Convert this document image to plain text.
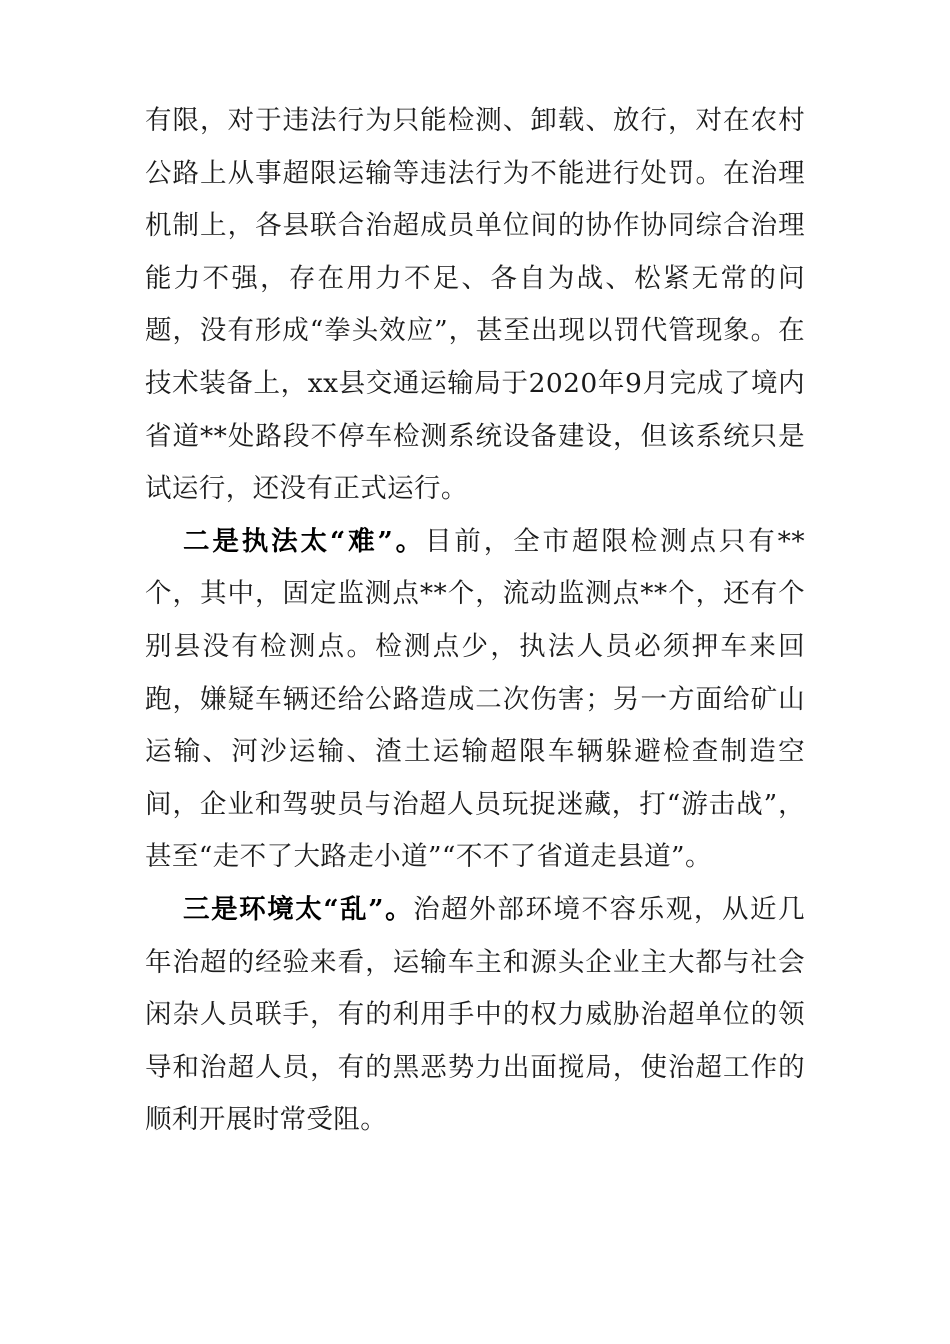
有限，对于违法行为只能检测、卸载、放行，对在农村公路上从事超限运输等违法行为不能进行处罚。在治理机制上，各县联合治超成员单位间的协作协同综合治理能力不强，存在用力不足、各自为战、松紧无常的问题，没有形成“拳头效应”，甚至出现以罚代管现象。在技术装备上，xx县交通运输局于2020年9月完成了境内省道**处路段不停车检测系统设备建设，但该系统只是试运行，还没有正式运行。

二是执法太“难”。目前，全市超限检测点只有**个，其中，固定监测点**个，流动监测点**个，还有个别县没有检测点。检测点少，执法人员必须押车来回跑，嫌疑车辆还给公路造成二次伤害；另一方面给矿山运输、河沙运输、渣土运输超限车辆躲避检查制造空间，企业和驾驶员与治超人员玩捉迷藏，打“游击战”，甚至“走不了大路走小道”“不不了省道走县道”。

三是环境太“乱”。治超外部环境不容乐观，从近几年治超的经验来看，运输车主和源头企业主大都与社会闲杂人员联手，有的利用手中的权力威胁治超单位的领导和治超人员，有的黑恶势力出面搅局，使治超工作的顺利开展时常受阻。
